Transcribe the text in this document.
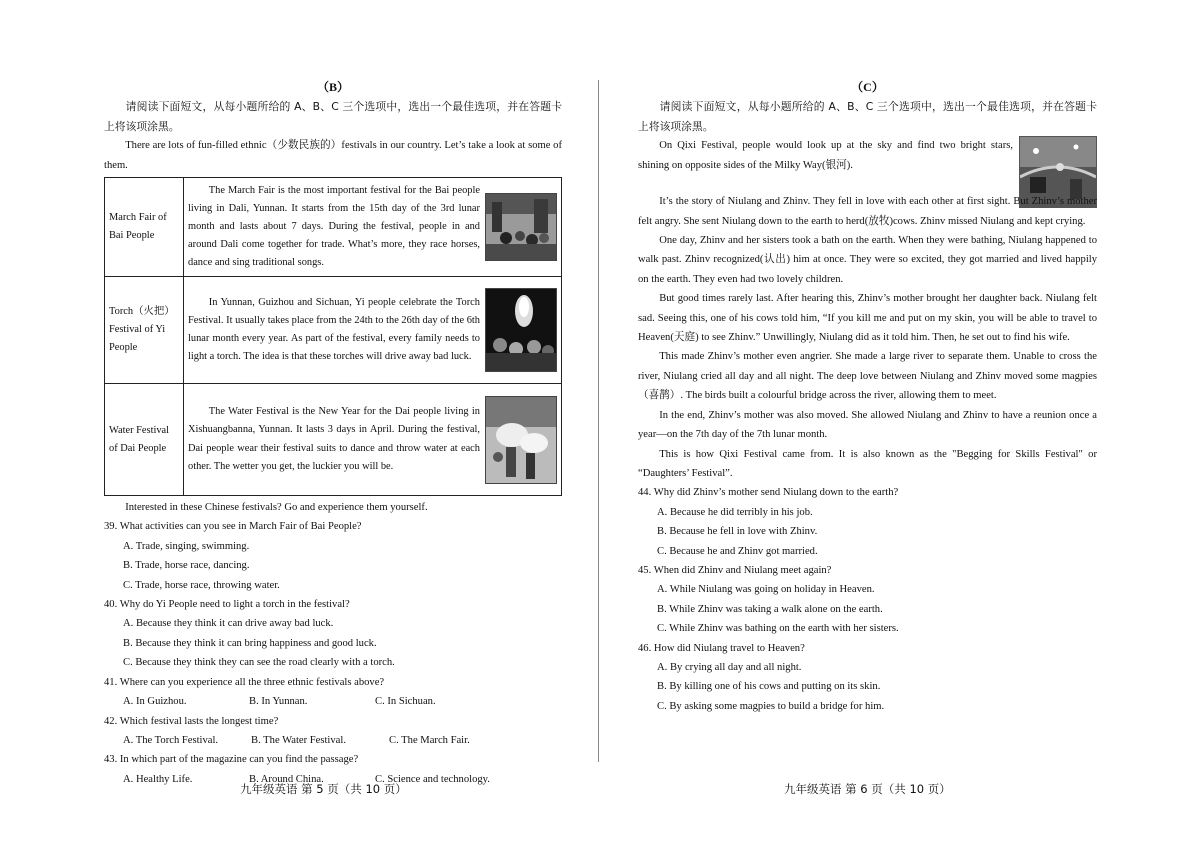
（B）

请阅读下面短文，从每小题所给的 A、B、C 三个选项中，选出一个最佳选项，并在答题卡上将该项涂黑。

There are lots of fun-filled ethnic（少数民族的）festivals in our country. Let’s take a look at some of them.

March Fair of Bai People	The March Fair is the most important festival for the Bai people living in Dali, Yunnan. It starts from the 15th day of the 3rd lunar month and lasts about 7 days. During the festival, people in and around Dali come together for trade. What’s more, they race horses, dance and sing traditional songs.

Torch（火把）Festival of Yi People	In Yunnan, Guizhou and Sichuan, Yi people celebrate the Torch Festival. It usually takes place from the 24th to the 26th day of the 6th lunar month every year. As part of the festival, every family needs to light a torch. The idea is that these torches will drive away bad luck.

Water Festival of Dai People	The Water Festival is the New Year for the Dai people living in Xishuangbanna, Yunnan. It lasts 3 days in April. During the festival, Dai people wear their festival suits to dance and throw water at each other. The wetter you get, the luckier you will be.

Interested in these Chinese festivals? Go and experience them yourself.

39. What activities can you see in March Fair of Bai People?

A. Trade, singing, swimming.
B. Trade, horse race, dancing.
C. Trade, horse race, throwing water.

40. Why do Yi People need to light a torch in the festival?

A. Because they think it can drive away bad luck.
B. Because they think it can bring happiness and good luck.
C. Because they think they can see the road clearly with a torch.

41. Where can you experience all the three ethnic festivals above?

A. In Guizhou.	B. In Yunnan.	C. In Sichuan.

42. Which festival lasts the longest time?

A. The Torch Festival.	B. The Water Festival.	C. The March Fair.

43. In which part of the magazine can you find the passage?

A. Healthy Life.	B. Around China.	C. Science and technology.
（C）

请阅读下面短文，从每小题所给的 A、B、C 三个选项中，选出一个最佳选项，并在答题卡上将该项涂黑。

On Qixi Festival, people would look up at the sky and find two bright stars, shining on opposite sides of the Milky Way(银河).

It’s the story of Niulang and Zhinv. They fell in love with each other at first sight. But Zhinv’s mother felt angry. She sent Niulang down to the earth to herd(放牧)cows. Zhinv missed Niulang and kept crying.

One day, Zhinv and her sisters took a bath on the earth. When they were bathing, Niulang happened to walk past. Zhinv recognized(认出) him at once. They were so excited, they got married and lived happily on the earth. They even had two lovely children.

But good times rarely last. After hearing this, Zhinv’s mother brought her daughter back. Niulang felt sad. Seeing this, one of his cows told him, “If you kill me and put on my skin, you will be able to travel to Heaven(天庭) to see Zhinv.” Unwillingly, Niulang did as it told him. Then, he set out to find his wife.

This made Zhinv’s mother even angrier. She made a large river to separate them. Unable to cross the river, Niulang cried all day and all night. The deep love between Niulang and Zhinv moved some magpies（喜鹊）. The birds built a colourful bridge across the river, allowing them to meet.

In the end, Zhinv’s mother was also moved. She allowed Niulang and Zhinv to have a reunion once a year—on the 7th day of the 7th lunar month.

This is how Qixi Festival came from. It is also known as the "Begging for Skills Festival" or “Daughters’ Festival”.

44. Why did Zhinv’s mother send Niulang down to the earth?

A. Because he did terribly in his job.
B. Because he fell in love with Zhinv.
C. Because he and Zhinv got married.

45. When did Zhinv and Niulang meet again?

A. While Niulang was going on holiday in Heaven.
B. While Zhinv was taking a walk alone on the earth.
C. While Zhinv was bathing on the earth with her sisters.

46. How did Niulang travel to Heaven?

A. By crying all day and all night.
B. By killing one of his cows and putting on its skin.
C. By asking some magpies to build a bridge for him.
九年级英语 第 5 页（共 10 页）	九年级英语 第 6 页（共 10 页）
